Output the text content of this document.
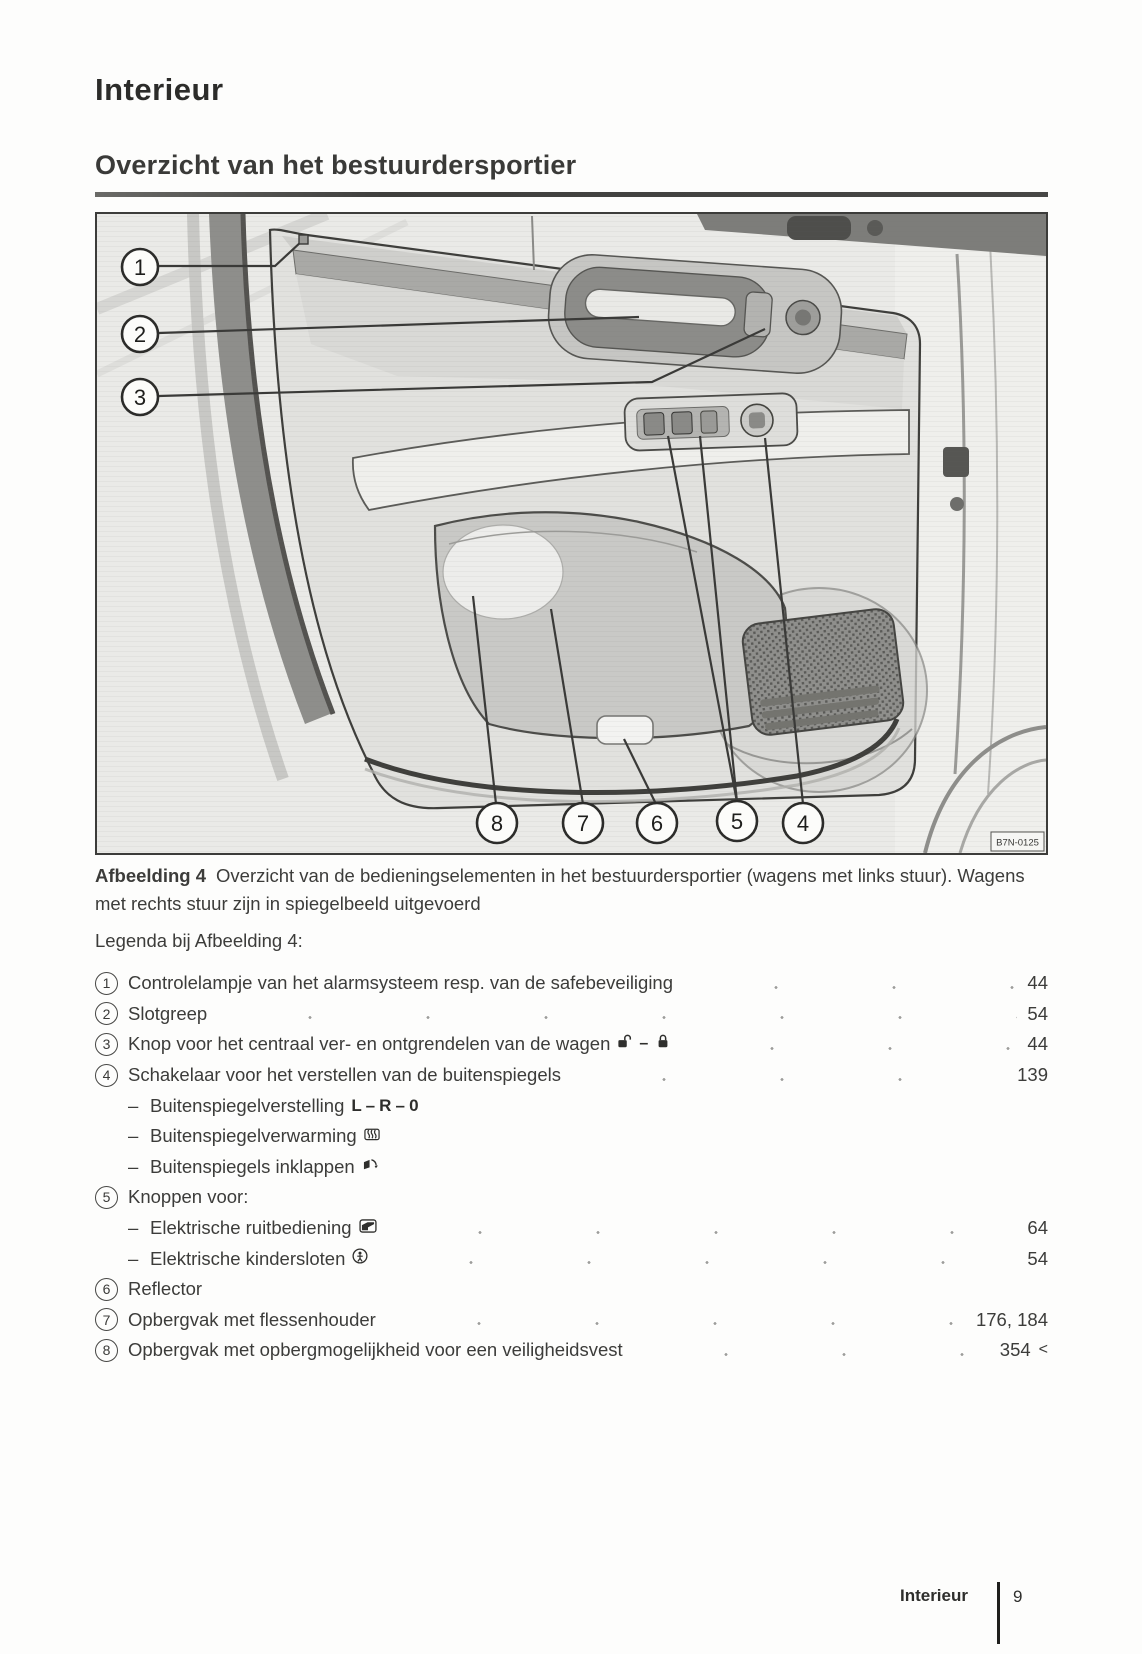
Interieur
Overzicht van het bestuurdersportier
1
2
3
8	7	6	5 4
B7N-0125
Afbeelding 4 Overzicht van de bedieningselementen in het bestuurdersportier (wagens met links stuur). Wagens met rechts stuur zijn in spiegelbeeld uitgevoerd
Legenda bij Afbeelding 4:
1 Controlelampje van het alarmsysteem resp. van de safebeveiliging	44
2 Slotgreep	54
3 Knop voor het centraal ver- en ontgrendelen van de wagen –	44
4 Schakelaar voor het verstellen van de buitenspiegels	139
– Buitenspiegelverstelling L – R – 0
– Buitenspiegelverwarming
– Buitenspiegels inklappen
5 Knoppen voor:
– Elektrische ruitbediening	64
– Elektrische kindersloten	54
6 Reflector
7 Opbergvak met flessenhouder	176, 184
8 Opbergvak met opbergmogelijkheid voor een veiligheidsvest	354 <
Interieur	9
